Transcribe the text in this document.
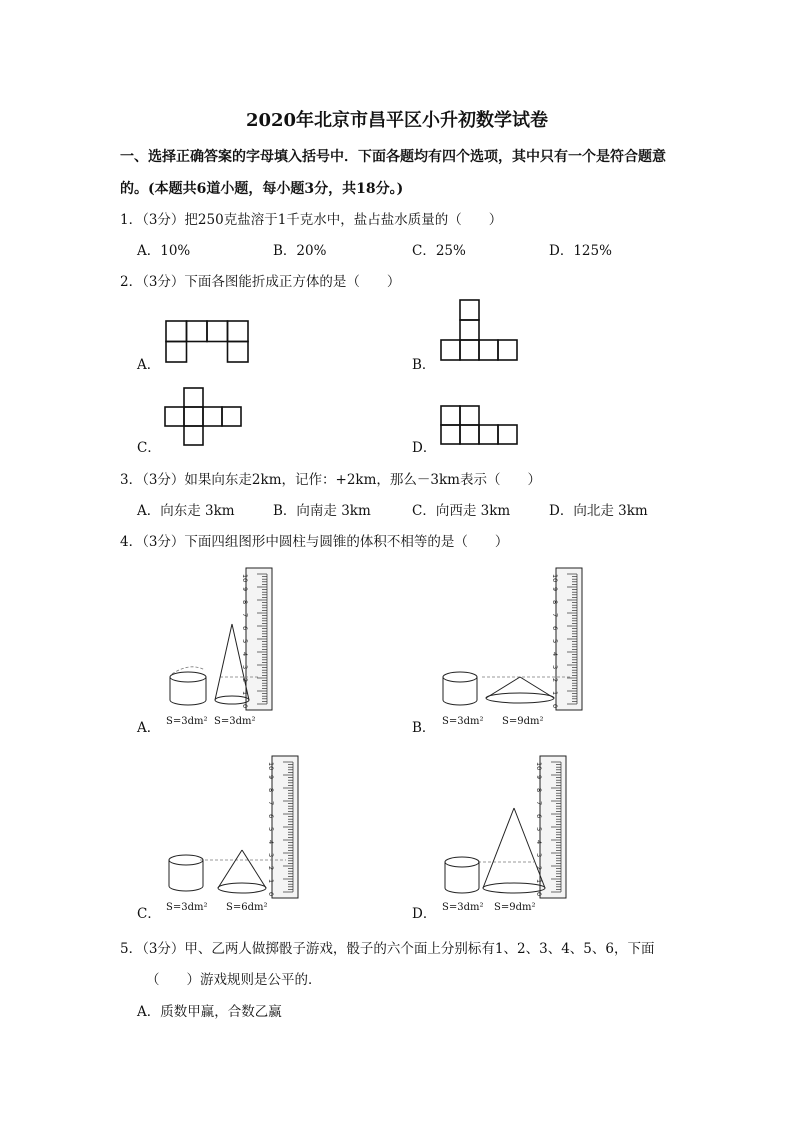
2020年北京市昌平区小升初数学试卷
一、选择正确答案的字母填入括号中．下面各题均有四个选项，其中只有一个是符合题意
的。(本题共6道小题，每小题3分，共18分。)
1．（3分）把250克盐溶于1千克水中，盐占盐水质量的（　　）
A．10%	B．20%	C．25%	D．125%
2．（3分）下面各图能折成正方体的是（　　）
A．	B．
C．	D．
3．（3分）如果向东走2km，记作：+2km，那么－3km表示（　　）
A．向东走 3km	B．向南走 3km	C．向西走 3km	D．向北走 3km
4．（3分）下面四组图形中圆柱与圆锥的体积不相等的是（　　）
A．
0
1
2
3
4
5
6
7
8
9
10
S=3dm² S=3dm²	B．
0
1
2
3
4
5
6
7
8
9
10
S=3dm² S=9dm²
C．
0
1
2
3
4
5
6
7
8
9
10
S=3dm² S=6dm²	D．
0
1
2
3
4
5
6
7
8
9
10
S=3dm² S=9dm²
5．（3分）甲、乙两人做掷骰子游戏，骰子的六个面上分别标有1、2、3、4、5、6，下面
（　　）游戏规则是公平的．
A．质数甲赢，合数乙赢
